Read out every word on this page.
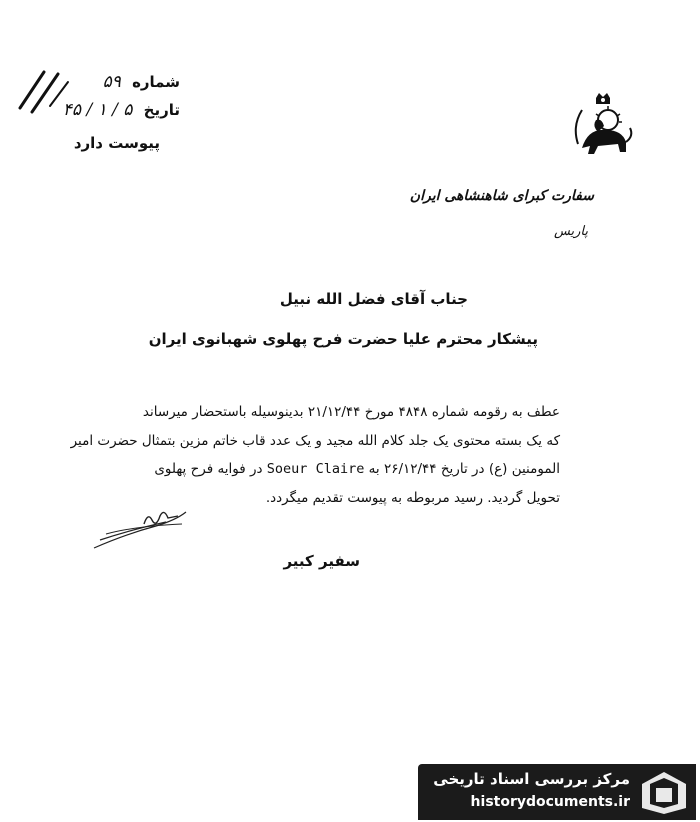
شماره ۵۹
تاریخ ۵ / ۱ / ۴۵
پیوست دارد
سفارت کبرای شاهنشاهی ایران
پاریس
جناب آقای فضل الله نبیل
پیشکار محترم علیا حضرت فرح پهلوی شهبانوی ایران
عطف به رقومه شماره ۴۸۴۸ مورخ ۲۱/۱۲/۴۴ بدینوسیله باستحضار میرساند
که یک بسته محتوی یک جلد کلام الله مجید و یک عدد قاب خاتم مزین بتمثال حضرت امیر
المومنین (ع) در تاریخ ۲۶/۱۲/۴۴ به Soeur Claire در فوایه فرح پهلوی
تحویل گردید. رسید مربوطه به پیوست تقدیم میگردد.
سفیر کبیر
مرکز بررسی اسناد تاریخی
historydocuments.ir
